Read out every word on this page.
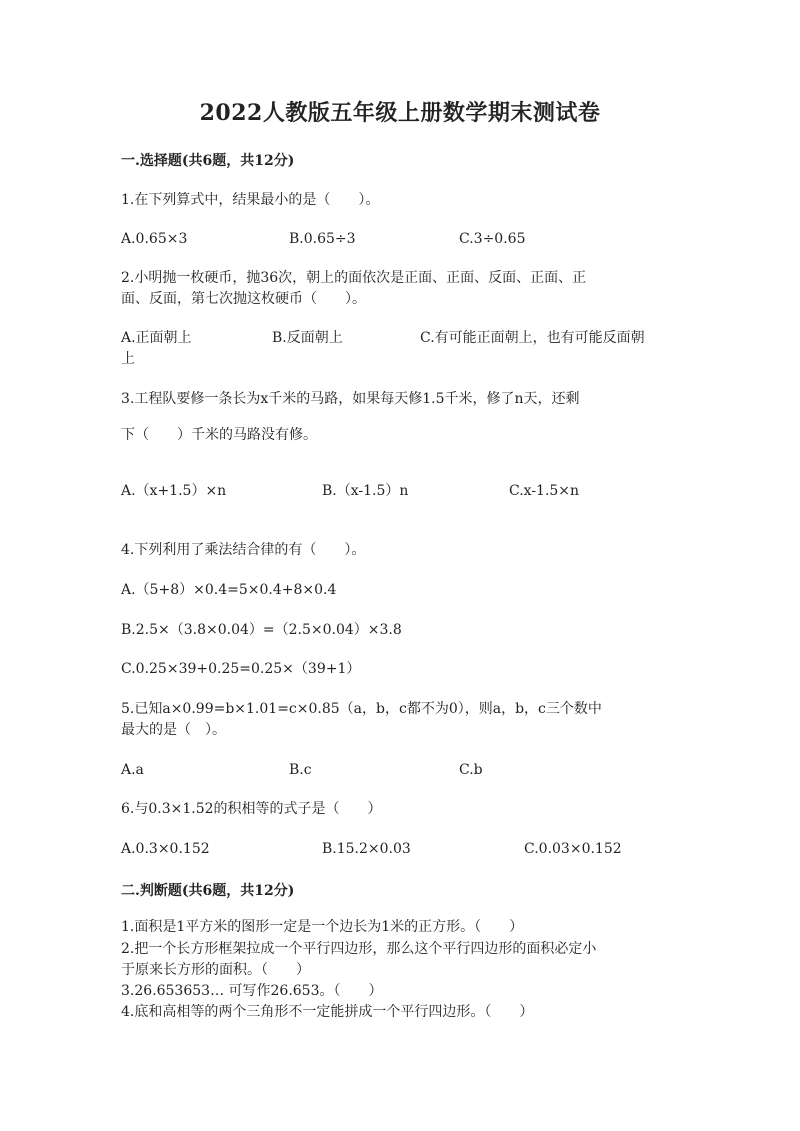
2022人教版五年级上册数学期末测试卷

一.选择题(共6题，共12分)

1.在下列算式中，结果最小的是（　　）。

A.0.65×3	B.0.65÷3	C.3÷0.65

2.小明抛一枚硬币，抛36次，朝上的面依次是正面、正面、反面、正面、正

面、反面，第七次抛这枚硬币（　　）。

A.正面朝上	B.反面朝上	C.有可能正面朝上，也有可能反面朝
上

3.工程队要修一条长为x千米的马路，如果每天修1.5千米，修了n天，还剩

下（　　）千米的马路没有修。

A.（x+1.5）×n	B.（x-1.5）n	C.x-1.5×n

4.下列利用了乘法结合律的有（　　）。

A.（5+8）×0.4=5×0.4+8×0.4

B.2.5×（3.8×0.04）=（2.5×0.04）×3.8

C.0.25×39+0.25=0.25×（39+1）

5.已知a×0.99=b×1.01=c×0.85（a，b，c都不为0），则a，b，c三个数中

最大的是（　）。

A.a	B.c	C.b

6.与0.3×1.52的积相等的式子是（　　）

A.0.3×0.152	B.15.2×0.03	C.0.03×0.152

二.判断题(共6题，共12分)

1.面积是1平方米的图形一定是一个边长为1米的正方形。（　　）

2.把一个长方形框架拉成一个平行四边形，那么这个平行四边形的面积必定小

于原来长方形的面积。（　　）

3.26.653653… 可写作26.653。（　　）

4.底和高相等的两个三角形不一定能拼成一个平行四边形。（　　）
